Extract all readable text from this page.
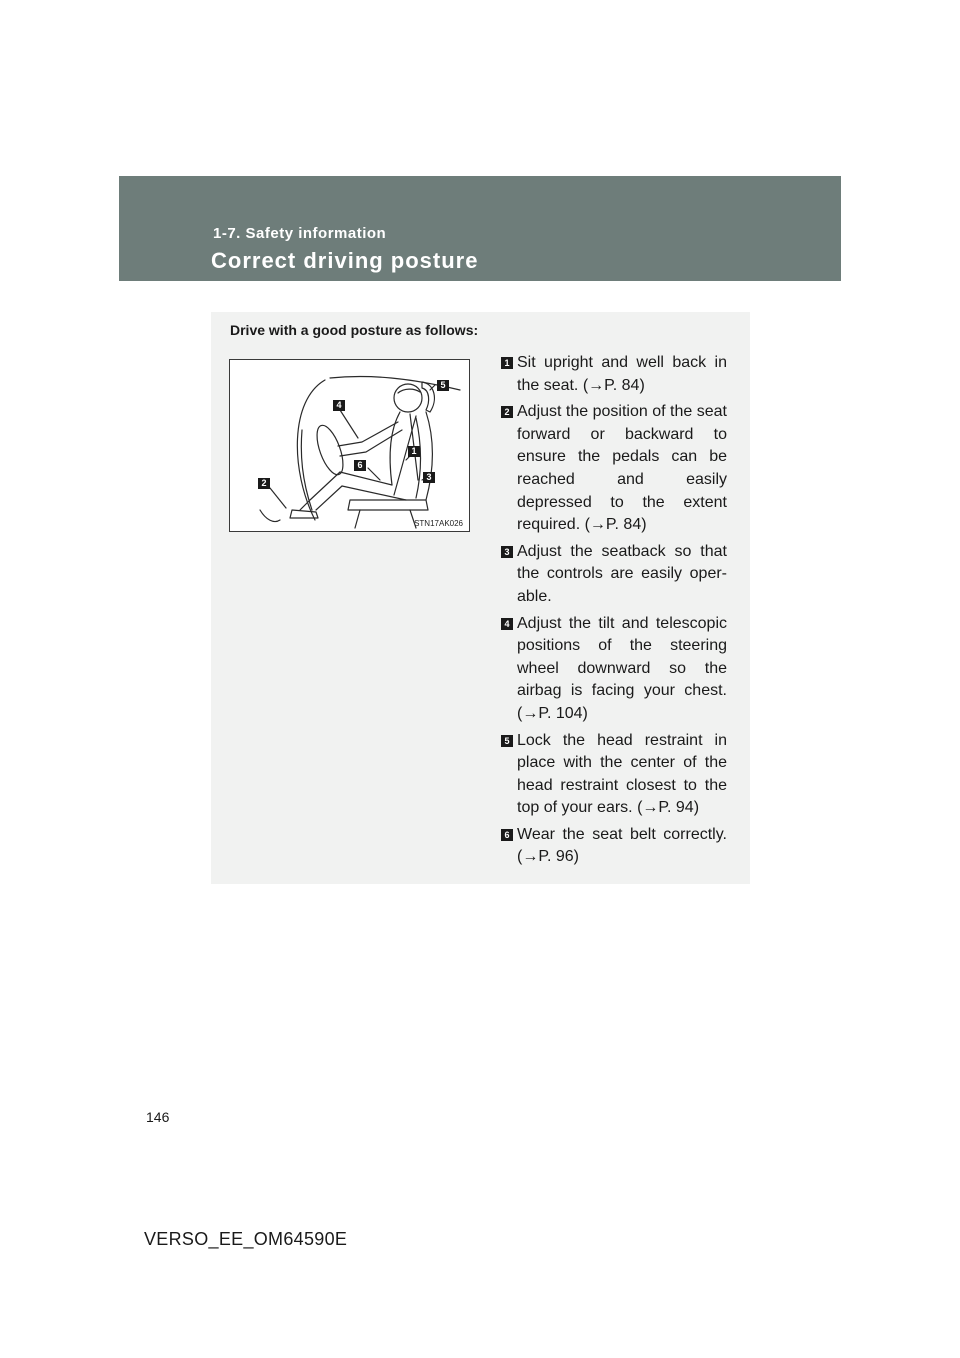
1-7. Safety information
Correct driving posture
Drive with a good posture as follows:
5
4
1
6
3
2
STN17AK026
1 Sit upright and well back in the seat. (→P. 84)
2 Adjust the position of the seat forward or backward to ensure the pedals can be reached and easily depressed to the extent required. (→P. 84)
3 Adjust the seatback so that the controls are easily oper-able.
4 Adjust the tilt and telescopic positions of the steering wheel downward so the airbag is facing your chest. (→P. 104)
5 Lock the head restraint in place with the center of the head restraint closest to the top of your ears. (→P. 94)
6 Wear the seat belt correctly. (→P. 96)
146
VERSO_EE_OM64590E
